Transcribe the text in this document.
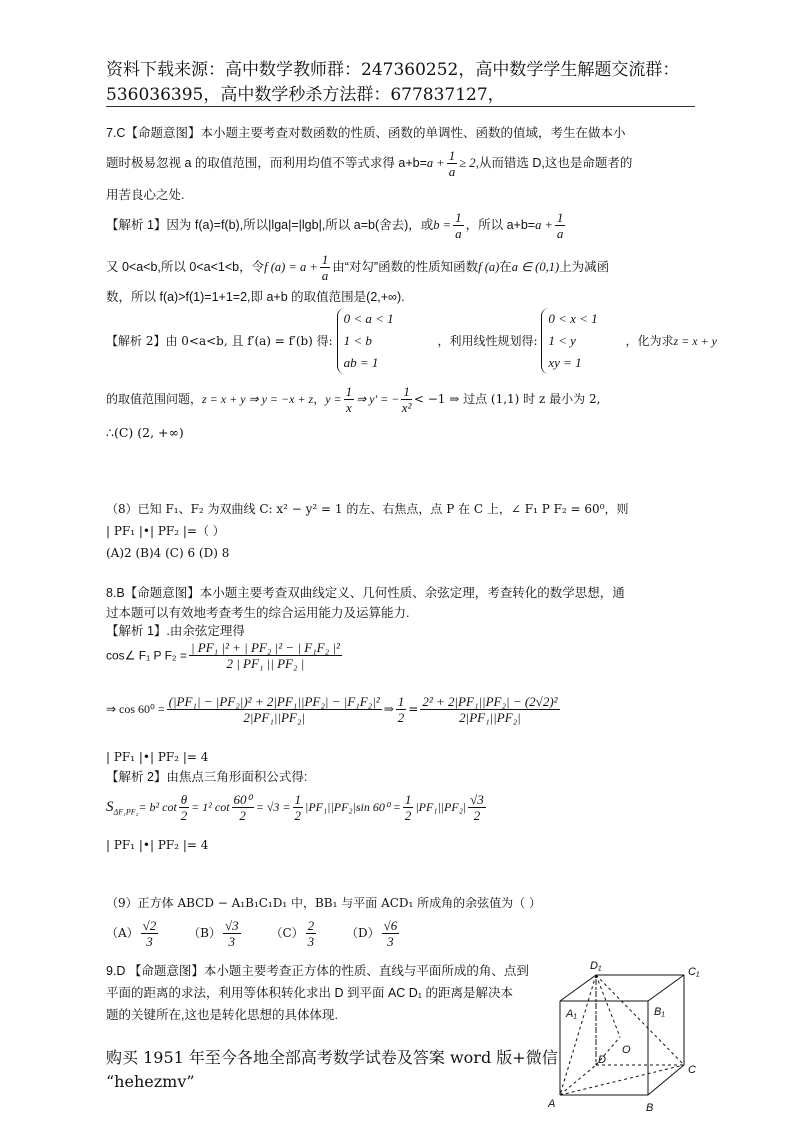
资料下载来源：高中数学教师群：247360252，高中数学学生解题交流群：
536036395，高中数学秒杀方法群：677837127，
7.C【命题意图】本小题主要考查对数函数的性质、函数的单调性、函数的值域，考生在做本小
题时极易忽视 a 的取值范围，而利用均值不等式求得 $a+b=a + \frac{1}{a} \ge 2$,从而错选 D,这也是命题者的
用苦良心之处.
【解析 1】因为 f(a)=f(b),所以|lga|=|lgb|,所以 a=b(舍去)，或$b = \frac{1}{a}$ ，所以 $a+b=a + \frac{1}{a}$
又 0<a<b,所以 0<a<1<b，令f $(a) = a + \frac{1}{a}$ 由“对勾”函数的性质知函数f (a)在a ∈ (0,1)上为减函
数，所以 f(a)>f(1)=1+1=2,即 a+b 的取值范围是(2,+∞).
【解析 2】由 0<a<b, 且 f′(a) = f′(b) 得:
0 < a < 1
1 < b
ab = 1
，利用线性规划得:
0 < x < 1
1 < y
xy = 1
，化为求z = x + y
的取值范围问题，z = x + y ⇒ y = −x + z，$y = \frac{1}{x}$ ⇒ y′ = − $\frac{1}{\text{x²}} < -1$ ⇒ 过点 (1,1) 时 z 最小为 2,
∴(C) (2, +∞)
（8）已知 F₁、F₂ 为双曲线 C: x² − y² = 1 的左、右焦点，点 P 在 C 上，∠ F₁ P F₂ = 60⁰，则
| PF₁ |•| PF₂ |=（ ）
(A)2 (B)4 (C) 6 (D) 8
8.B【命题意图】本小题主要考查双曲线定义、几何性质、余弦定理，考查转化的数学思想，通
过本题可以有效地考查考生的综合运用能力及运算能力.
【解析 1】.由余弦定理得
cos∠ F₁ P $F_2 = \frac{\text{| PF₁ |² + | PF₂ |² − | F₁F₂ |²}}{\text{2 | PF₁ || PF₂ |}}$
⇒ $\cos 60^0 = \frac{\text{(|PF₁| − |PF₂|)² + 2|PF₁||PF₂| − |F₁F₂|²}}{\text{2|PF₁||PF₂|}}$ ⇒ $\frac{1}{2} = \frac{\text{2² + 2|PF₁||PF₂| − (2√2)²}}{\text{2|PF₁||PF₂|}}$
| PF₁ |•| PF₂ |= 4
【解析 2】由焦点三角形面积公式得:
$S_{\Delta F_1PF_2}= b^2$ $\cot \frac{\theta}{2} = 1^2$ $\cot \frac{\text{60⁰}}{2} = √3 = \frac{1}{2} |PF_1||PF_2|\sin$ $60^0 = \frac{1}{2} |PF_1||PF_2| \frac{√3}{2}$
| PF₁ |•| PF₂ |= 4
（9）正方体 ABCD − A₁B₁C₁D₁ 中，BB₁ 与平面 ACD₁ 所成角的余弦值为（ ）
$(A) \frac{√2}{3} (B) \frac{√3}{3} (C) \frac{2}{3} (D) \frac{√6}{3}$
9.D 【命题意图】本小题主要考查正方体的性质、直线与平面所成的角、点到
平面的距离的求法，利用等体积转化求出 D 到平面 AC D₁ 的距离是解决本
题的关键所在,这也是转化思想的具体体现.
D₁	C₁
A₁	B₁
O
D
C
A	B
购买 1951 年至今各地全部高考数学试卷及答案 word 版+微信
“hehezmv”
